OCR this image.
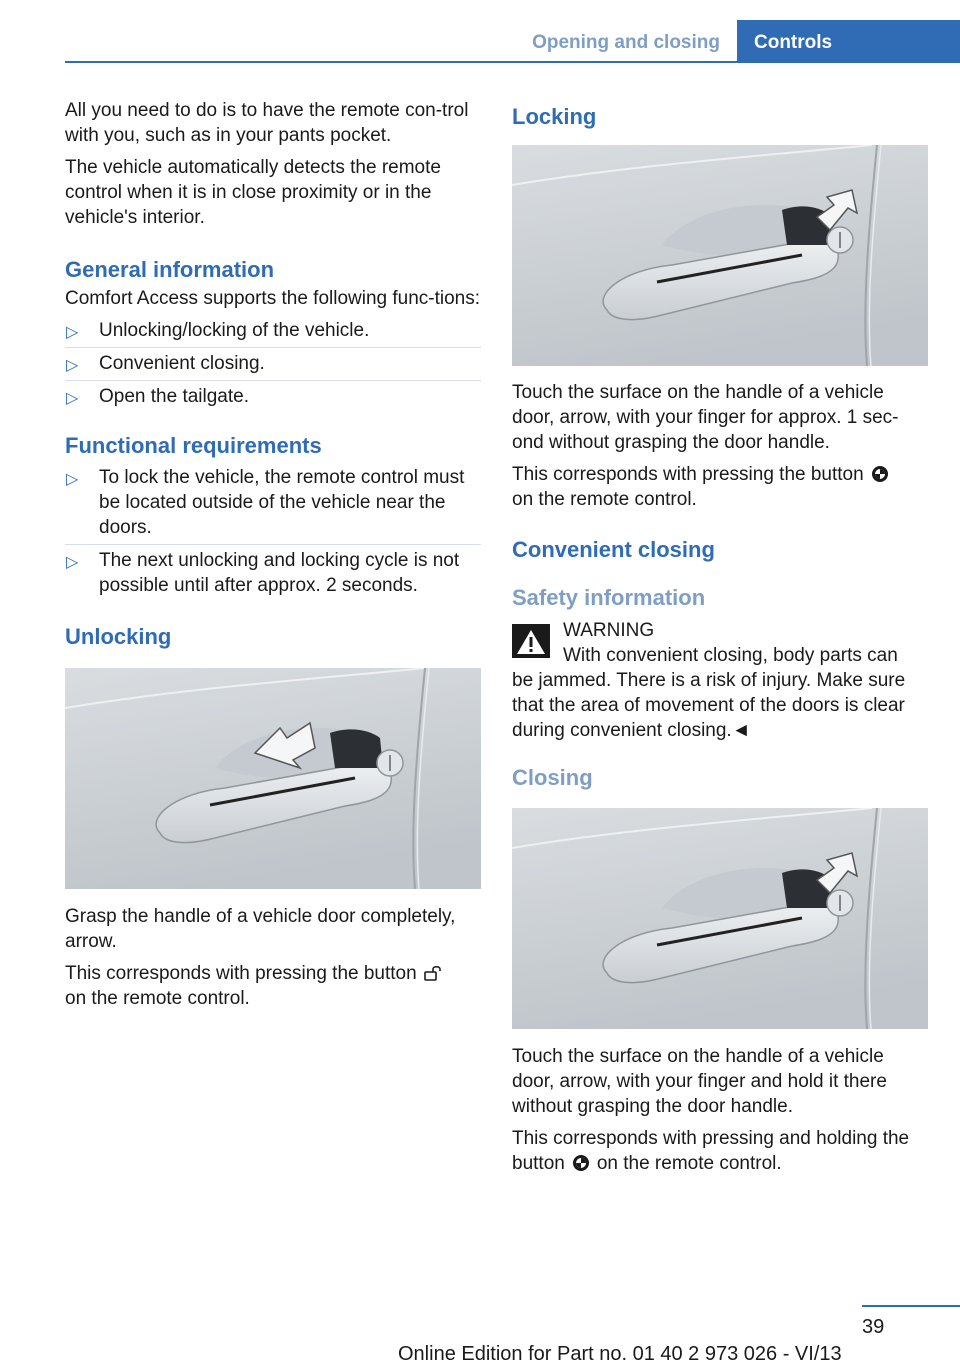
Opening and closing	Controls

All you need to do is to have the remote con-trol with you, such as in your pants pocket.

The vehicle automatically detects the remote control when it is in close proximity or in the vehicle's interior.

General information

Comfort Access supports the following func-tions:

▷ Unlocking/locking of the vehicle.
▷ Convenient closing.
▷ Open the tailgate.
Functional requirements
▷ To lock the vehicle, the remote control must be located outside of the vehicle near the doors.
▷ The next unlocking and locking cycle is not possible until after approx. 2 seconds.
Unlocking

Grasp the handle of a vehicle door completely, arrow.

This corresponds with pressing the button
on the remote control.

Locking

Touch the surface on the handle of a vehicle door, arrow, with your finger for approx. 1 sec-ond without grasping the door handle.

This corresponds with pressing the button
on the remote control.

Convenient closing
Safety information

WARNING

With convenient closing, body parts can

be jammed. There is a risk of injury. Make sure that the area of movement of the doors is clear during convenient closing.◄

Closing

Touch the surface on the handle of a vehicle door, arrow, with your finger and hold it there without grasping the door handle.

This corresponds with pressing and holding the button on the remote control.

39
Online Edition for Part no. 01 40 2 973 026 - VI/13
